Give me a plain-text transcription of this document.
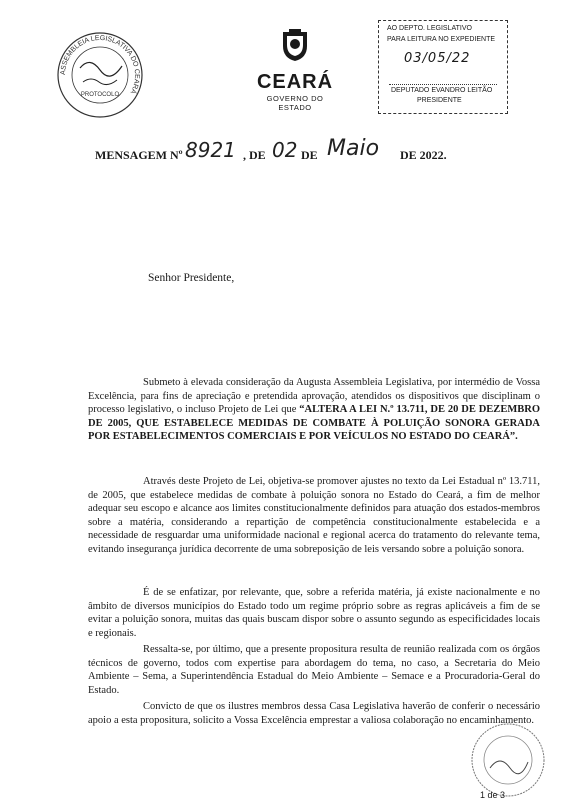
ASSEMBLEIA LEGISLATIVA DO CEARÁ
PROTOCOLO
CEARÁ
GOVERNO DO ESTADO
AO DEPTO. LEGISLATIVO
PARA LEITURA NO EXPEDIENTE
03/05/22
DEPUTADO EVANDRO LEITÃO
PRESIDENTE
MENSAGEM Nº 8921 , DE 02 DE Maio DE 2022.
Senhor Presidente,

Submeto à elevada consideração da Augusta Assembleia Legislativa, por intermédio de Vossa Excelência, para fins de apreciação e pretendida aprovação, atendidos os dispositivos que disciplinam o processo legislativo, o incluso Projeto de Lei que “ALTERA A LEI N.º 13.711, DE 20 DE DEZEMBRO DE 2005, QUE ESTABELECE MEDIDAS DE COMBATE À POLUIÇÃO SONORA GERADA POR ESTABELECIMENTOS COMERCIAIS E POR VEÍCULOS NO ESTADO DO CEARÁ”.

Através deste Projeto de Lei, objetiva-se promover ajustes no texto da Lei Estadual nº 13.711, de 2005, que estabelece medidas de combate à poluição sonora no Estado do Ceará, a fim de melhor adequar seu escopo e alcance aos limites constitucionalmente definidos para atuação dos estados-membros sobre a matéria, considerando a repartição de competência constitucionalmente estabelecida e a necessidade de resguardar uma uniformidade nacional e regional acerca do tratamento do relevante tema, evitando insegurança jurídica decorrente de uma sobreposição de leis versando sobre a poluição sonora.

É de se enfatizar, por relevante, que, sobre a referida matéria, já existe nacionalmente e no âmbito de diversos municípios do Estado todo um regime próprio sobre as regras aplicáveis a fim de se evitar a poluição sonora, muitas das quais buscam dispor sobre o assunto segundo as especificidades locais e regionais.

Ressalta-se, por último, que a presente propositura resulta de reunião realizada com os órgãos técnicos de governo, todos com expertise para abordagem do tema, no caso, a Secretaria do Meio Ambiente – Sema, a Superintendência Estadual do Meio Ambiente – Semace e a Procuradoria-Geral do Estado.

Convicto de que os ilustres membros dessa Casa Legislativa haverão de conferir o necessário apoio a esta propositura, solicito a Vossa Excelência emprestar a valiosa colaboração no encaminhamento.

1 de 3
